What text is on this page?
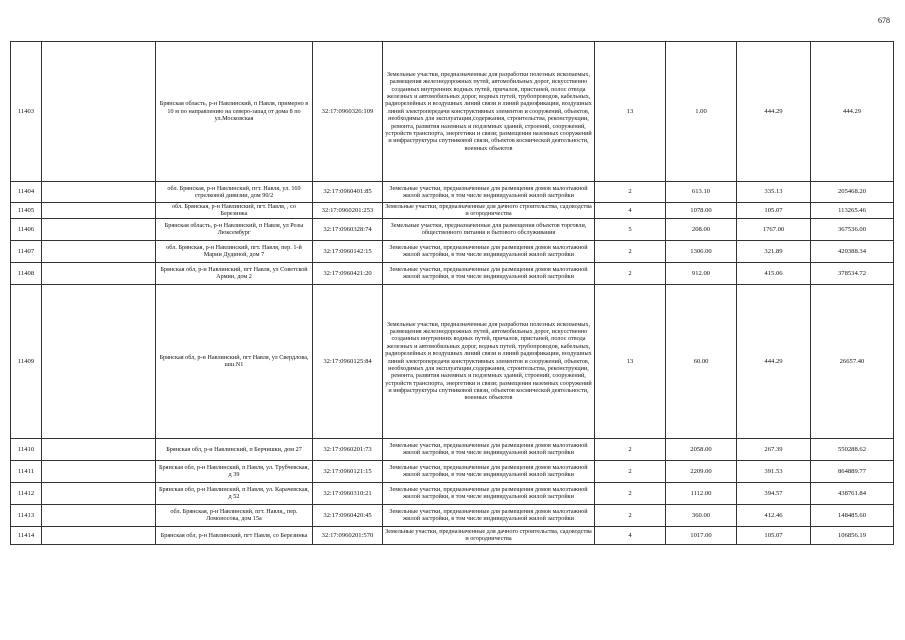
678
11403		Брянская область, р-н Навлинский, п Навля, примерно в 10 м по направлению на северо-запад от дома 8 по ул.Московская	32:17:0960326:109	Земельные участки, предназначенные для разработки полезных ископаемых, размещения железнодорожных путей, автомобильных дорог, искусственно созданных внутренних водных путей, причалов, пристаней, полос отвода железных и автомобильных дорог, водных путей, трубопроводов, кабельных, радиорелейных и воздушных линий связи и линий радиофикации, воздушных линий электропередачи конструктивных элементов и сооружений, объектов, необходимых для эксплуатации,содержания, строительства, реконструкции, ремонта, развития наземных и подземных зданий, строений, сооружений, устройств транспорта, энергетики и связи; размещения наземных сооружений и инфраструктуры спутниковой связи, объектов космической деятельности, военных объектов	13	1.00	444.29	444.29
11404		обл. Брянская, р-н Навлинский, пгт. Навля, ул. 169 стрелковой дивизии, дом 90/2	32:17:0960401:85	Земельные участки, предназначенные для размещения домов малоэтажной жилой застройки, в том числе индивидуальной жилой застройки	2	613.10	335.13	205468.20
11405		обл. Брянская, р-н Навлинский, пгт. Навля, , со Березинка	32:17:0960201:253	Земельные участки, предназначенные для дачного строительства, садоводства и огородничества	4	1078.00	105.07	113265.46
11406		Брянская область, р-н Навлинский, п Навля, ул Розы Люксембург	32:17:0960328:74	Земельные участки, предназначенные для размещения объектов торговли, общественного питания и бытового обслуживания	5	208.00	1767.00	367536.00
11407		обл. Брянская, р-н Навлинский, пгт. Навля, пер. 1-й Марии Дудиной, дом 7	32:17:0960142:15	Земельные участки, предназначенные для размещения домов малоэтажной жилой застройки, в том числе индивидуальной жилой застройки	2	1306.00	321.89	420388.34
11408		Брянская обл, р-н Навлинский, пгт Навля, ул Советской Армии, дом 2	32:17:0960421:20	Земельные участки, предназначенные для размещения домов малоэтажной жилой застройки, в том числе индивидуальной жилой застройки	2	912.00	415.06	378534.72
11409		Брянская обл, р-н Навлинский, пгт Навля, ул Свердлова, шш.N1	32:17:0960125:84	Земельные участки, предназначенные для разработки полезных ископаемых, размещения железнодорожных путей, автомобильных дорог, искусственно созданных внутренних водных путей, причалов, пристаней, полос отвода железных и автомобильных дорог, водных путей, трубопроводов, кабельных, радиорелейных и воздушных линий связи и линий радиофикации, воздушных линий электропередачи конструктивных элементов и сооружений, объектов, необходимых для эксплуатации,содержания, строительства, реконструкции, ремонта, развития наземных и подземных зданий, строений, сооружений, устройств транспорта, энергетики и связи; размещения наземных сооружений и инфраструктуры спутниковой связи, объектов космической деятельности, военных объектов	13	60.00	444.29	26657.40
11410		Брянская обл, р-н Навлинский, п Берчишки, дом 27	32:17:0960201:73	Земельные участки, предназначенные для размещения домов малоэтажной жилой застройки, в том числе индивидуальной жилой застройки	2	2058.00	267.39	550288.62
11411		Брянская обл, р-н Навлинский, п Навля, ул. Трубчевская, д 39	32:17:0960121:15	Земельные участки, предназначенные для размещения домов малоэтажной жилой застройки, в том числе индивидуальной жилой застройки	2	2209.00	391.53	864889.77
11412		Брянская обл, р-н Навлинский, п Навля, ул. Карачевская, д 52	32:17:0960310:21	Земельные участки, предназначенные для размещения домов малоэтажной жилой застройки, в том числе индивидуальной жилой застройки	2	1112.00	394.57	438761.84
11413		обл. Брянская, р-н Навлинский, пгт. Навля,, пер. Ломоносова, дом 15а	32:17:0960420:45	Земельные участки, предназначенные для размещения домов малоэтажной жилой застройки, в том числе индивидуальной жилой застройки	2	360.00	412.46	148485.60
11414		Брянская обл, р-н Навлинский, пгт Навля, со Березинка	32:17:0960201:570	Земельные участки, предназначенные для дачного строительства, садоводства и огородничества	4	1017.00	105.07	106856.19
